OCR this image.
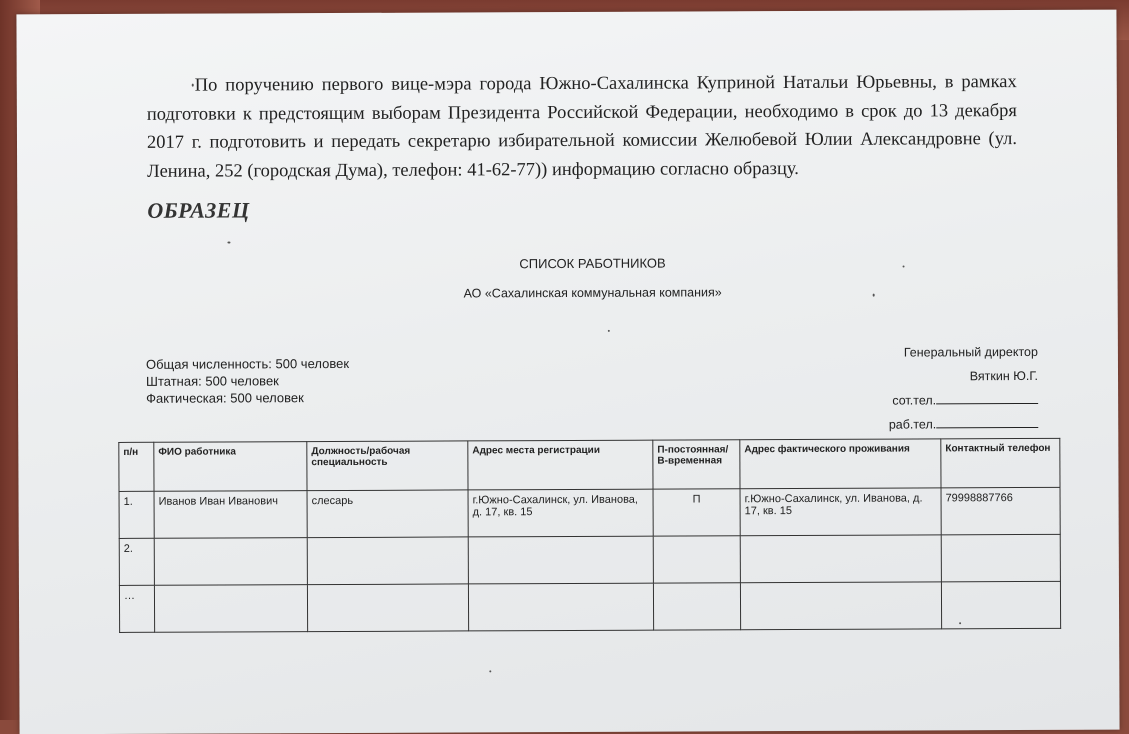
По поручению первого вице-мэра города Южно-Сахалинска Куприной Натальи Юрьевны, в рамках подготовки к предстоящим выборам Президента Российской Федерации, необходимо в срок до 13 декабря 2017 г. подготовить и передать секретарю избирательной комиссии Желюбевой Юлии Александровне (ул. Ленина, 252 (городская Дума), телефон: 41-62-77)) информацию согласно образцу.

ОБРАЗЕЦ

СПИСОК РАБОТНИКОВ

АО «Сахалинская коммунальная компания»

Общая численность: 500 человек
Штатная: 500 человек
Фактическая: 500 человек
Генеральный директор
Вяткин Ю.Г.
сот.тел.
раб.тел.
п/н	ФИО работника	Должность/рабочая специальность	Адрес места регистрации	П-постоянная/ В-временная	Адрес фактического проживания	Контактный телефон
1.	Иванов Иван Иванович	слесарь	г.Южно-Сахалинск, ул. Иванова, д. 17, кв. 15	П	г.Южно-Сахалинск, ул. Иванова, д. 17, кв. 15	79998887766
2.						
…						
